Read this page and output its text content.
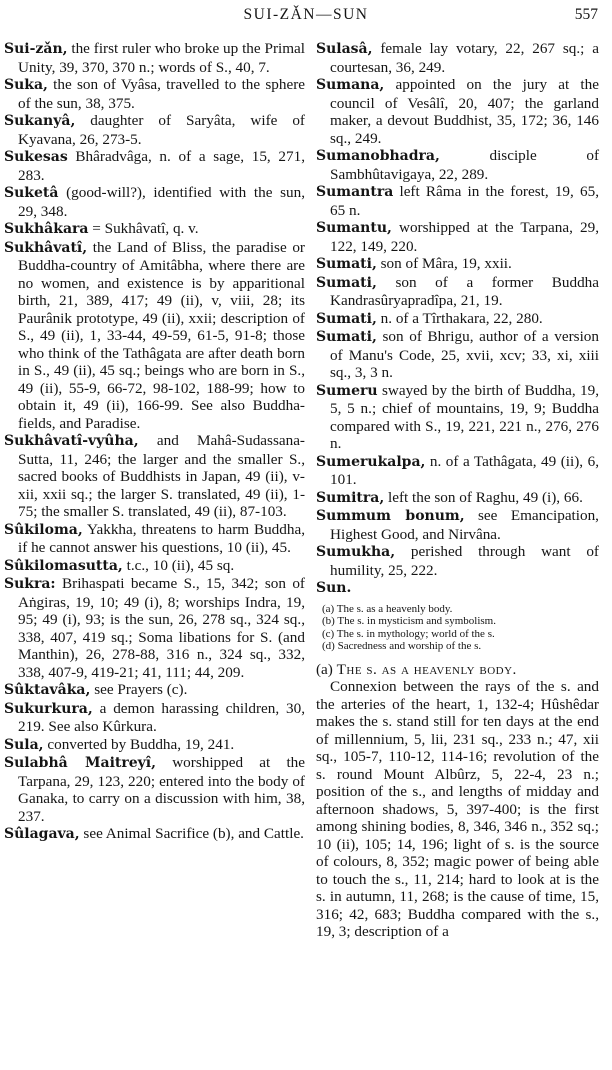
SUI-ZǍN—SUN	557

Sui-zǎn, the first ruler who broke up the Primal Unity, 39, 370, 370 n.; words of S., 40, 7.

Suka, the son of Vyâsa, travelled to the sphere of the sun, 38, 375.

Sukanyâ, daughter of Saryâta, wife of Kyavana, 26, 273-5.

Sukesas Bhâradvâga, n. of a sage, 15, 271, 283.

Suketâ (good-will?), identified with the sun, 29, 348.

Sukhâkara = Sukhâvatî, q. v.

Sukhâvatî, the Land of Bliss, the paradise or Buddha-country of Amitâbha, where there are no women, and existence is by apparitional birth, 21, 389, 417; 49 (ii), v, viii, 28; its Paurânik prototype, 49 (ii), xxii; description of S., 49 (ii), 1, 33-44, 49-59, 61-5, 91-8; those who think of the Tathâgata are after death born in S., 49 (ii), 45 sq.; beings who are born in S., 49 (ii), 55-9, 66-72, 98-102, 188-99; how to obtain it, 49 (ii), 166-99. See also Buddha-fields, and Paradise.

Sukhâvatî-vyûha, and Mahâ-Sudassana-Sutta, 11, 246; the larger and the smaller S., sacred books of Buddhists in Japan, 49 (ii), v-xii, xxii sq.; the larger S. translated, 49 (ii), 1-75; the smaller S. translated, 49 (ii), 87-103.

Sûkiloma, Yakkha, threatens to harm Buddha, if he cannot answer his questions, 10 (ii), 45.

Sûkilomasutta, t.c., 10 (ii), 45 sq.

Sukra: Brihaspati became S., 15, 342; son of Aṅgiras, 19, 10; 49 (i), 8; worships Indra, 19, 95; 49 (i), 93; is the sun, 26, 278 sq., 324 sq., 338, 407, 419 sq.; Soma libations for S. (and Manthin), 26, 278-88, 316 n., 324 sq., 332, 338, 407-9, 419-21; 41, 111; 44, 209.

Sûktavâka, see Prayers (c).

Sukurkura, a demon harassing children, 30, 219. See also Kûrkura.

Sula, converted by Buddha, 19, 241.

Sulabhâ Maitreyî, worshipped at the Tarpana, 29, 123, 220; entered into the body of Ganaka, to carry on a discussion with him, 38, 237.

Sûlagava, see Animal Sacrifice (b), and Cattle.

Sulasâ, female lay votary, 22, 267 sq.; a courtesan, 36, 249.

Sumana, appointed on the jury at the council of Vesâlî, 20, 407; the garland maker, a devout Buddhist, 35, 172; 36, 146 sq., 249.

Sumanobhadra, disciple of Sambhûtavigaya, 22, 289.

Sumantra left Râma in the forest, 19, 65, 65 n.

Sumantu, worshipped at the Tarpana, 29, 122, 149, 220.

Sumati, son of Mâra, 19, xxii.

Sumati, son of a former Buddha Kandrasûryapradîpa, 21, 19.

Sumati, n. of a Tîrthakara, 22, 280.

Sumati, son of Bhrigu, author of a version of Manu's Code, 25, xvii, xcv; 33, xi, xiii sq., 3, 3 n.

Sumeru swayed by the birth of Buddha, 19, 5, 5 n.; chief of mountains, 19, 9; Buddha compared with S., 19, 221, 221 n., 276, 276 n.

Sumerukalpa, n. of a Tathâgata, 49 (ii), 6, 101.

Sumitra, left the son of Raghu, 49 (i), 66.

Summum bonum, see Emancipation, Highest Good, and Nirvâna.

Sumukha, perished through want of humility, 25, 222.

Sun.

(a) The s. as a heavenly body.
(b) The s. in mysticism and symbolism.
(c) The s. in mythology; world of the s.
(d) Sacredness and worship of the s.

(a) The s. as a heavenly body.

Connexion between the rays of the s. and the arteries of the heart, 1, 132-4; Hûshêdar makes the s. stand still for ten days at the end of millennium, 5, lii, 231 sq., 233 n.; 47, xii sq., 105-7, 110-12, 114-16; revolution of the s. round Mount Albûrz, 5, 22-4, 23 n.; position of the s., and lengths of midday and afternoon shadows, 5, 397-400; is the first among shining bodies, 8, 346, 346 n., 352 sq.; 10 (ii), 105; 14, 196; light of s. is the source of colours, 8, 352; magic power of being able to touch the s., 11, 214; hard to look at is the s. in autumn, 11, 268; is the cause of time, 15, 316; 42, 683; Buddha compared with the s., 19, 3; description of a
